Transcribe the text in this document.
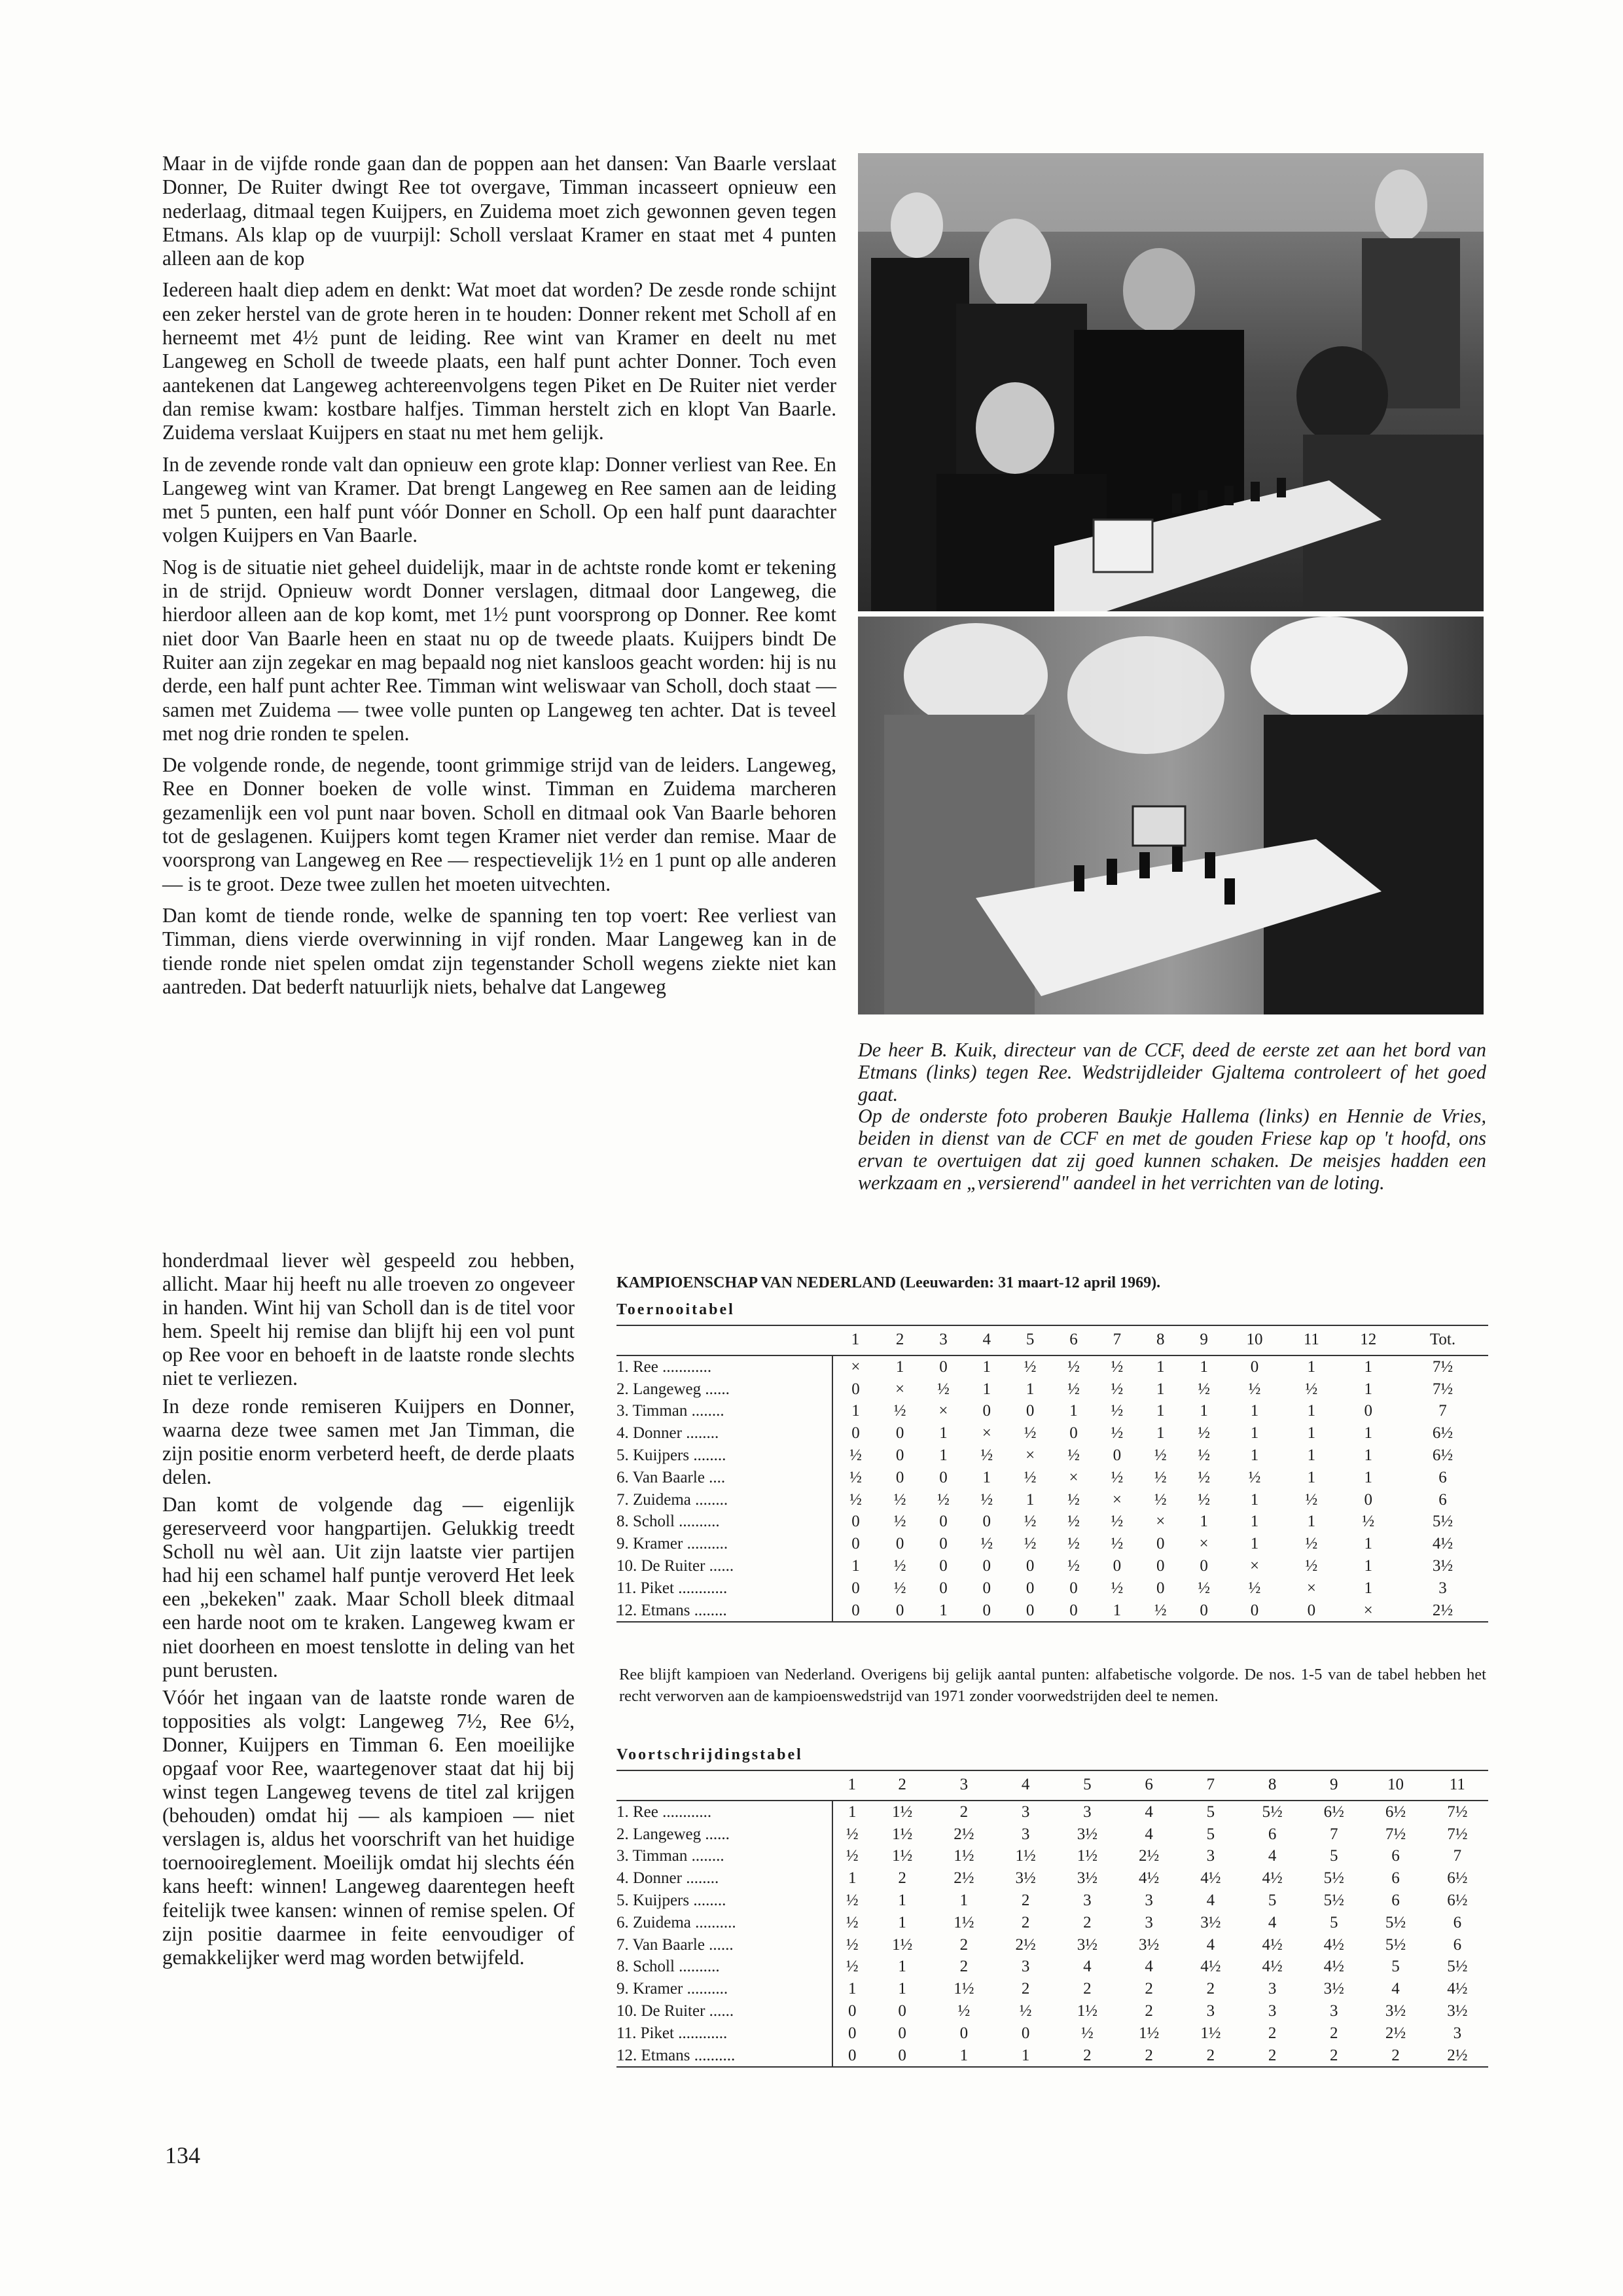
Maar in de vijfde ronde gaan dan de poppen aan het dansen: Van Baarle verslaat Donner, De Ruiter dwingt Ree tot overgave, Timman incasseert opnieuw een nederlaag, ditmaal tegen Kuijpers, en Zuidema moet zich gewonnen geven tegen Etmans. Als klap op de vuurpijl: Scholl verslaat Kramer en staat met 4 punten alleen aan de kop

Iedereen haalt diep adem en denkt: Wat moet dat worden? De zesde ronde schijnt een zeker herstel van de grote heren in te houden: Donner rekent met Scholl af en herneemt met 4½ punt de leiding. Ree wint van Kramer en deelt nu met Langeweg en Scholl de tweede plaats, een half punt achter Donner. Toch even aantekenen dat Langeweg achtereenvolgens tegen Piket en De Ruiter niet verder dan remise kwam: kostbare halfjes. Timman herstelt zich en klopt Van Baarle. Zuidema verslaat Kuijpers en staat nu met hem gelijk.

In de zevende ronde valt dan opnieuw een grote klap: Donner verliest van Ree. En Langeweg wint van Kramer. Dat brengt Langeweg en Ree samen aan de leiding met 5 punten, een half punt vóór Donner en Scholl. Op een half punt daarachter volgen Kuijpers en Van Baarle.

Nog is de situatie niet geheel duidelijk, maar in de achtste ronde komt er tekening in de strijd. Opnieuw wordt Donner verslagen, ditmaal door Langeweg, die hierdoor alleen aan de kop komt, met 1½ punt voorsprong op Donner. Ree komt niet door Van Baarle heen en staat nu op de tweede plaats. Kuijpers bindt De Ruiter aan zijn zegekar en mag bepaald nog niet kansloos geacht worden: hij is nu derde, een half punt achter Ree. Timman wint weliswaar van Scholl, doch staat — samen met Zuidema — twee volle punten op Langeweg ten achter. Dat is teveel met nog drie ronden te spelen.

De volgende ronde, de negende, toont grimmige strijd van de leiders. Langeweg, Ree en Donner boeken de volle winst. Timman en Zuidema marcheren gezamenlijk een vol punt naar boven. Scholl en ditmaal ook Van Baarle behoren tot de geslagenen. Kuijpers komt tegen Kramer niet verder dan remise. Maar de voorsprong van Langeweg en Ree — respectievelijk 1½ en 1 punt op alle anderen — is te groot. Deze twee zullen het moeten uitvechten.

Dan komt de tiende ronde, welke de spanning ten top voert: Ree verliest van Timman, diens vierde overwinning in vijf ronden. Maar Langeweg kan in de tiende ronde niet spelen omdat zijn tegenstander Scholl wegens ziekte niet kan aantreden. Dat bederft natuurlijk niets, behalve dat Langeweg

honderdmaal liever wèl gespeeld zou hebben, allicht. Maar hij heeft nu alle troeven zo ongeveer in handen. Wint hij van Scholl dan is de titel voor hem. Speelt hij remise dan blijft hij een vol punt op Ree voor en behoeft in de laatste ronde slechts niet te verliezen.

In deze ronde remiseren Kuijpers en Donner, waarna deze twee samen met Jan Timman, die zijn positie enorm verbeterd heeft, de derde plaats delen.

Dan komt de volgende dag — eigenlijk gereserveerd voor hangpartijen. Gelukkig treedt Scholl nu wèl aan. Uit zijn laatste vier partijen had hij een schamel half puntje veroverd Het leek een „bekeken" zaak. Maar Scholl bleek ditmaal een harde noot om te kraken. Langeweg kwam er niet doorheen en moest tenslotte in deling van het punt berusten.

Vóór het ingaan van de laatste ronde waren de topposities als volgt: Langeweg 7½, Ree 6½, Donner, Kuijpers en Timman 6. Een moeilijke opgaaf voor Ree, waartegenover staat dat hij bij winst tegen Langeweg tevens de titel zal krijgen (behouden) omdat hij — als kampioen — niet verslagen is, aldus het voorschrift van het huidige toernooireglement. Moeilijk omdat hij slechts één kans heeft: winnen! Langeweg daarentegen heeft feitelijk twee kansen: winnen of remise spelen. Of zijn positie daarmee in feite eenvoudiger of gemakkelijker werd mag worden betwijfeld.

De heer B. Kuik, directeur van de CCF, deed de eerste zet aan het bord van Etmans (links) tegen Ree. Wedstrijdleider Gjaltema controleert of het goed gaat.

Op de onderste foto proberen Baukje Hallema (links) en Hennie de Vries, beiden in dienst van de CCF en met de gouden Friese kap op 't hoofd, ons ervan te overtuigen dat zij goed kunnen schaken. De meisjes hadden een werkzaam en „versierend" aandeel in het verrichten van de loting.

KAMPIOENSCHAP VAN NEDERLAND (Leeuwarden: 31 maart-12 april 1969).
Toernooitabel
	1	2	3	4	5	6	7	8	9	10	11	12	Tot.
1. Ree ............	×	1	0	1	½	½	½	1	1	0	1	1	7½
2. Langeweg ......	0	×	½	1	1	½	½	1	½	½	½	1	7½
3. Timman ........	1	½	×	0	0	1	½	1	1	1	1	0	7
4. Donner ........	0	0	1	×	½	0	½	1	½	1	1	1	6½
5. Kuijpers ........	½	0	1	½	×	½	0	½	½	1	1	1	6½
6. Van Baarle ....	½	0	0	1	½	×	½	½	½	½	1	1	6
7. Zuidema ........	½	½	½	½	1	½	×	½	½	1	½	0	6
8. Scholl ..........	0	½	0	0	½	½	½	×	1	1	1	½	5½
9. Kramer ..........	0	0	0	½	½	½	½	0	×	1	½	1	4½
10. De Ruiter ......	1	½	0	0	0	½	0	0	0	×	½	1	3½
11. Piket ............	0	½	0	0	0	0	½	0	½	½	×	1	3
12. Etmans ........	0	0	1	0	0	0	1	½	0	0	0	×	2½
Ree blijft kampioen van Nederland. Overigens bij gelijk aantal punten: alfabetische volgorde. De nos. 1-5 van de tabel hebben het recht verworven aan de kampioenswedstrijd van 1971 zonder voorwedstrijden deel te nemen.
Voortschrijdingstabel
	1	2	3	4	5	6	7	8	9	10	11
1. Ree ............	1	1½	2	3	3	4	5	5½	6½	6½	7½
2. Langeweg ......	½	1½	2½	3	3½	4	5	6	7	7½	7½
3. Timman ........	½	1½	1½	1½	1½	2½	3	4	5	6	7
4. Donner ........	1	2	2½	3½	3½	4½	4½	4½	5½	6	6½
5. Kuijpers ........	½	1	1	2	3	3	4	5	5½	6	6½
6. Zuidema ..........	½	1	1½	2	2	3	3½	4	5	5½	6
7. Van Baarle ......	½	1½	2	2½	3½	3½	4	4½	4½	5½	6
8. Scholl ..........	½	1	2	3	4	4	4½	4½	4½	5	5½
9. Kramer ..........	1	1	1½	2	2	2	2	3	3½	4	4½
10. De Ruiter ......	0	0	½	½	1½	2	3	3	3	3½	3½
11. Piket ............	0	0	0	0	½	1½	1½	2	2	2½	3
12. Etmans ..........	0	0	1	1	2	2	2	2	2	2	2½
134
